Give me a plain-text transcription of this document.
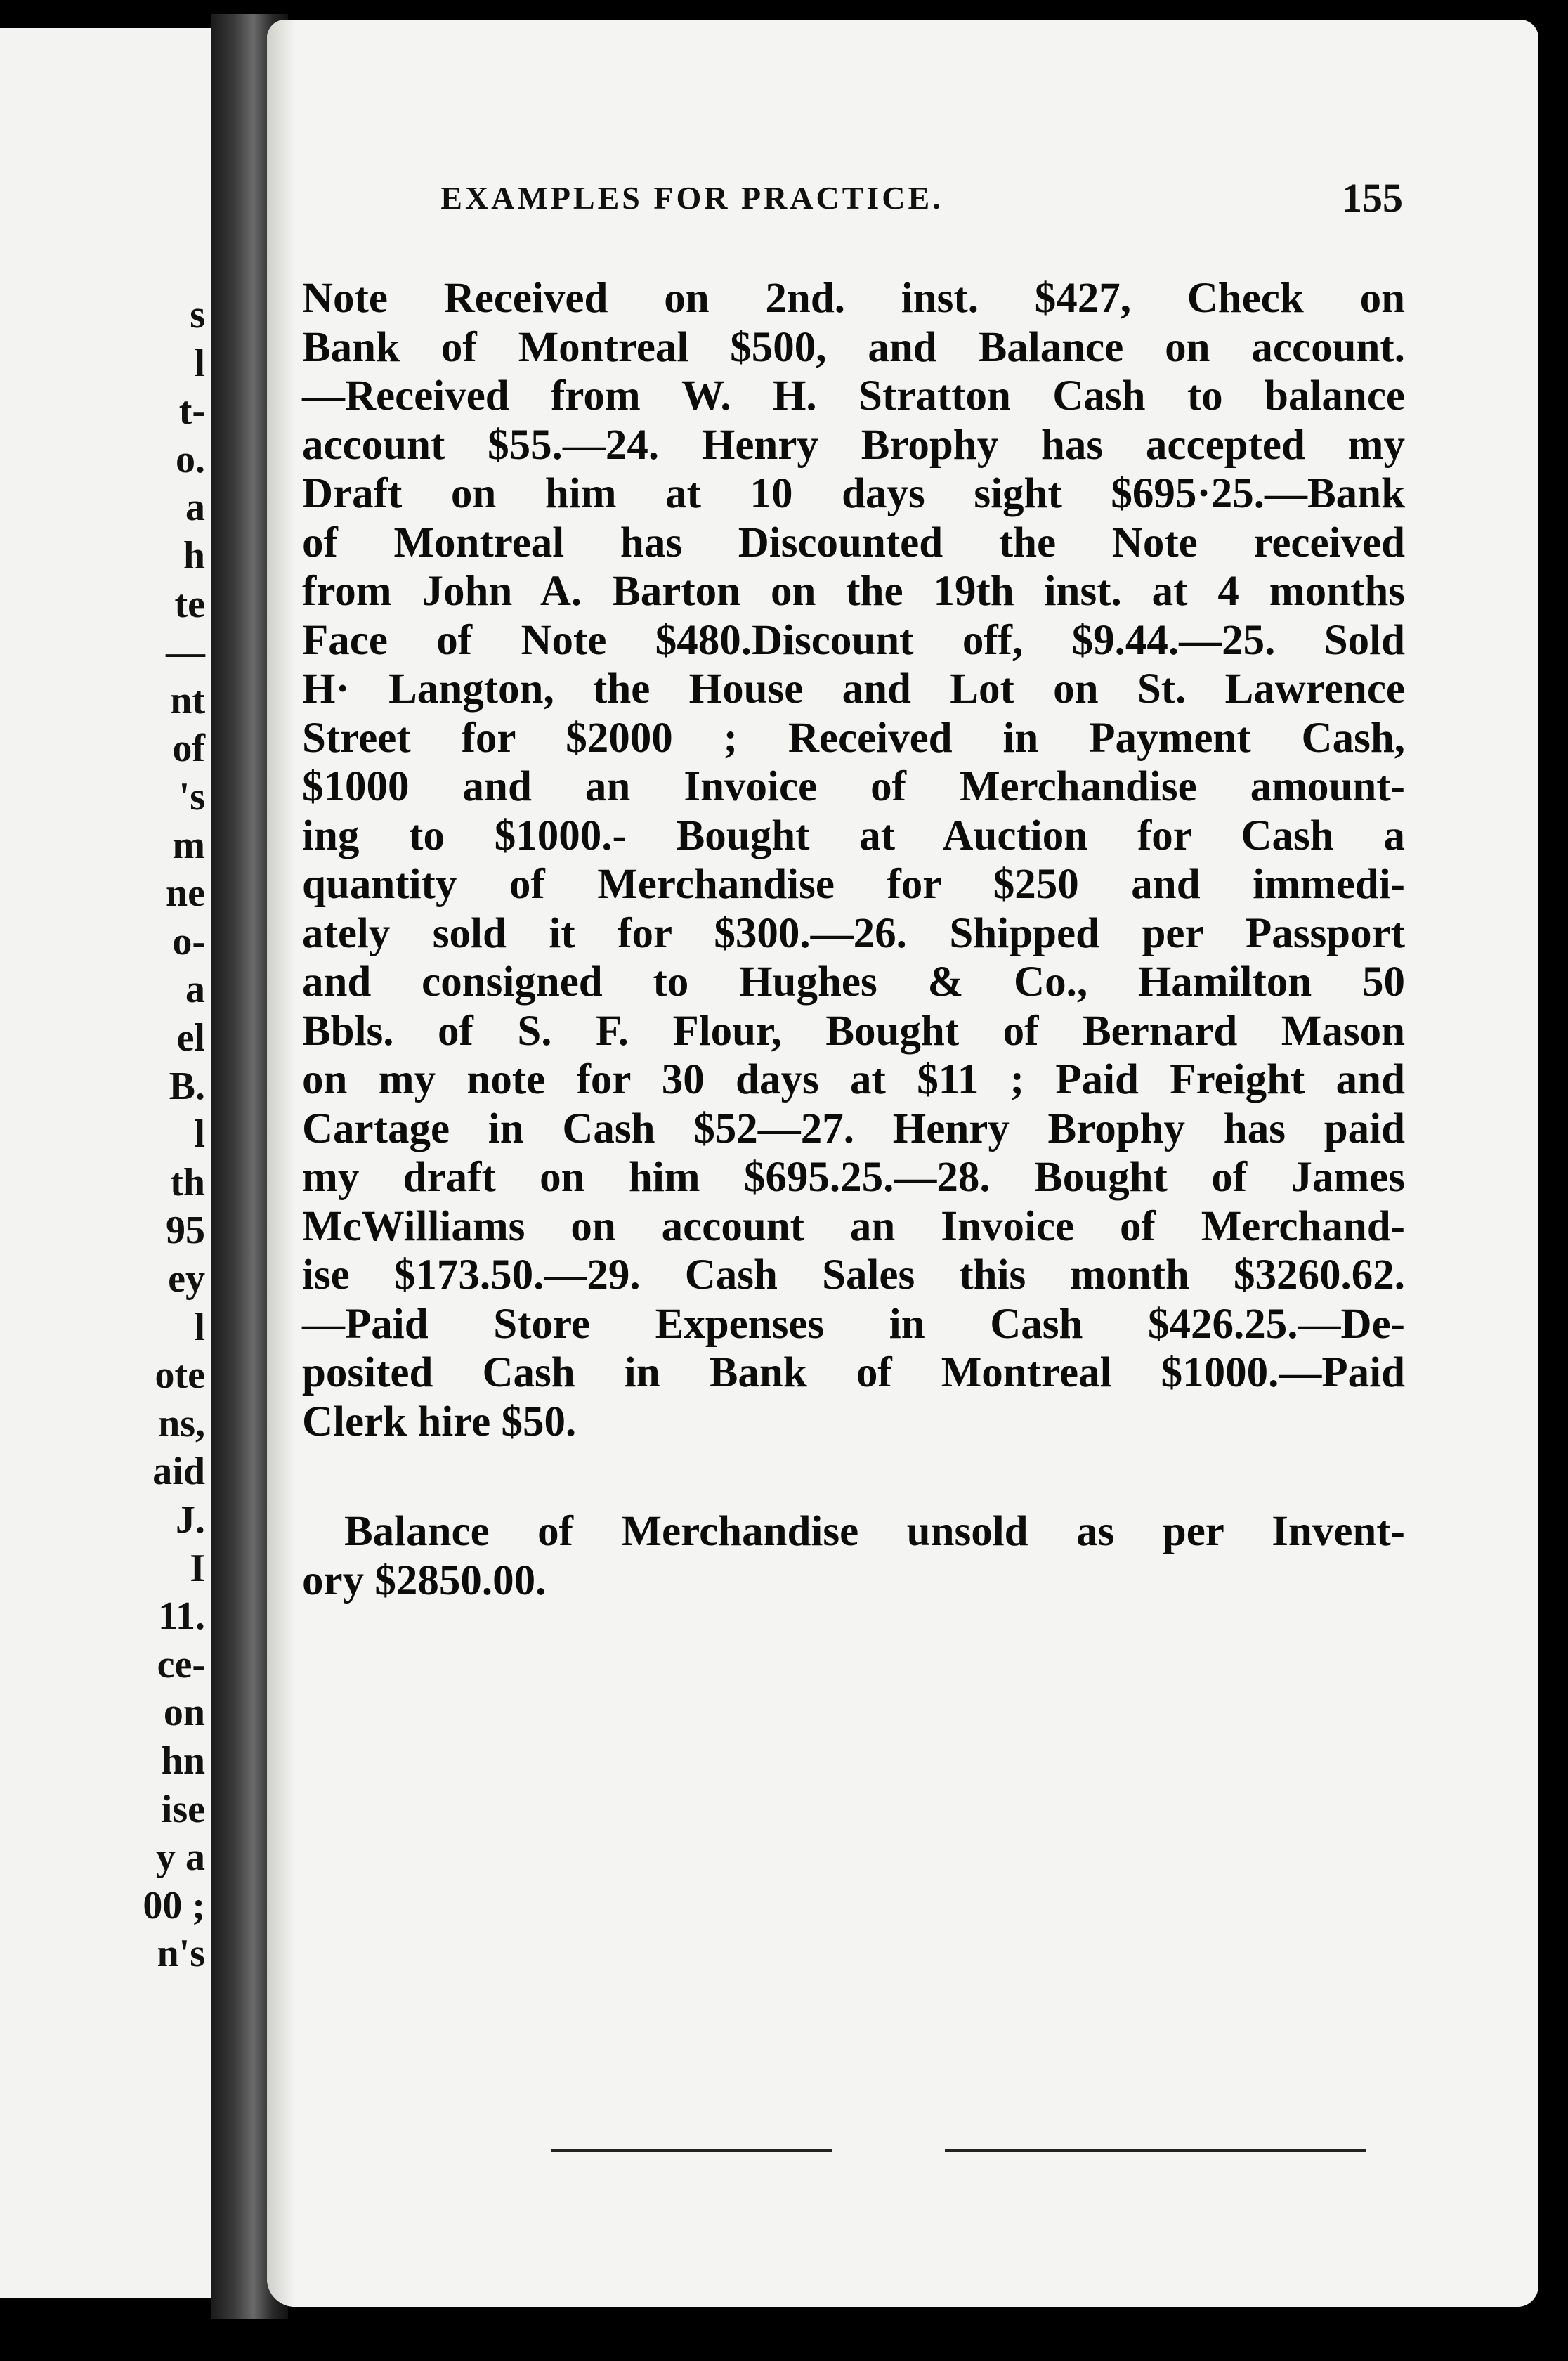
s
l
t-
o.
a
h
te
—
nt
of
's
m
ne
o-
a
el
B.
l
th
95
ey
l
ote
ns,
aid
J.
I
11.
ce-
on
hn
ise
y a
00 ;
n's

EXAMPLES FOR PRACTICE.	155
Note Received on 2nd. inst. $427, Check on
Bank of Montreal $500, and Balance on account.
—Received from W. H. Stratton Cash to balance
account $55.—24. Henry Brophy has accepted my
Draft on him at 10 days sight $695·25.—Bank
of Montreal has Discounted the Note received
from John A. Barton on the 19th inst. at 4 months
Face of Note $480.Discount off, $9.44.—25. Sold
H· Langton, the House and Lot on St. Lawrence
Street for $2000 ; Received in Payment Cash,
$1000 and an Invoice of Merchandise amount-
ing to $1000.- Bought at Auction for Cash a
quantity of Merchandise for $250 and immedi-
ately sold it for $300.—26. Shipped per Passport
and consigned to Hughes & Co., Hamilton 50
Bbls. of S. F. Flour, Bought of Bernard Mason
on my note for 30 days at $11 ; Paid Freight and
Cartage in Cash $52—27. Henry Brophy has paid
my draft on him $695.25.—28. Bought of James
McWilliams on account an Invoice of Merchand-
ise $173.50.—29. Cash Sales this month $3260.62.
—Paid Store Expenses in Cash $426.25.—De-
posited Cash in Bank of Montreal $1000.—Paid
Clerk hire $50.
Balance of Merchandise unsold as per Invent-
ory $2850.00.
